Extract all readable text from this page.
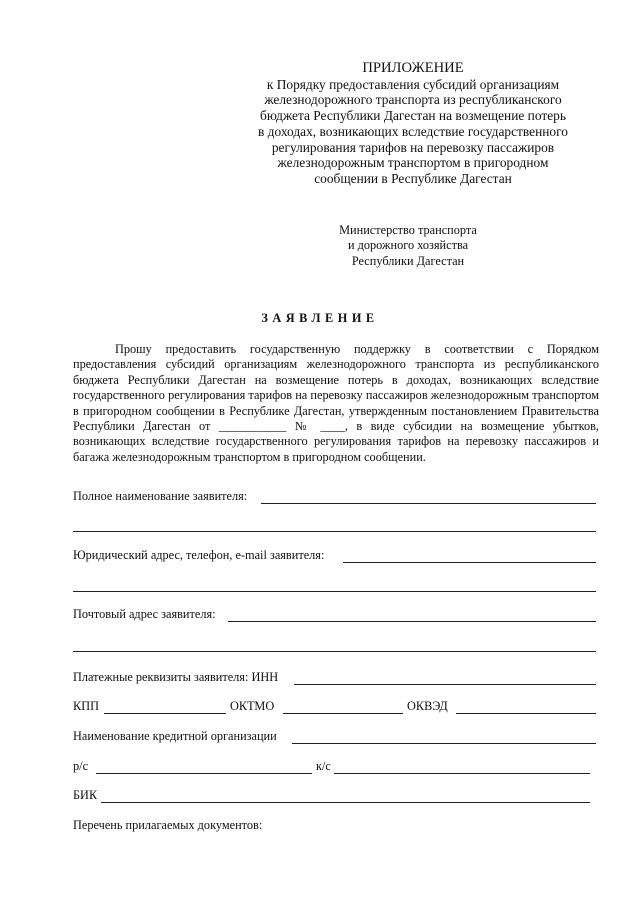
ПРИЛОЖЕНИЕ
к Порядку предоставления субсидий организациям
железнодорожного транспорта из республиканского
бюджета Республики Дагестан на возмещение потерь
в доходах, возникающих вследствие государственного
регулирования тарифов на перевозку пассажиров
железнодорожным транспортом в пригородном
сообщении в Республике Дагестан
Министерство транспорта
и дорожного хозяйства
Республики Дагестан
ЗАЯВЛЕНИЕ

Прошу предоставить государственную поддержку в соответствии с Порядком предоставления субсидий организациям железнодорожного транспорта из республиканского бюджета Республики Дагестан на возмещение потерь в доходах, возникающих вследствие государственного регулирования тарифов на перевозку пассажиров железнодорожным транспортом в пригородном сообщении в Республике Дагестан, утвержденным постановлением Правительства Республики Дагестан от ___________ № ____, в виде субсидии на возмещение убытков, возникающих вследствие государственного регулирования тарифов на перевозку пассажиров и багажа железнодорожным транспортом в пригородном сообщении.

Полное наименование заявителя:
Юридический адрес, телефон, e-mail заявителя:
Почтовый адрес заявителя:
Платежные реквизиты заявителя: ИНН
КПП	ОКТМО	ОКВЭД
Наименование кредитной организации
р/с	к/с
БИК
Перечень прилагаемых документов:
